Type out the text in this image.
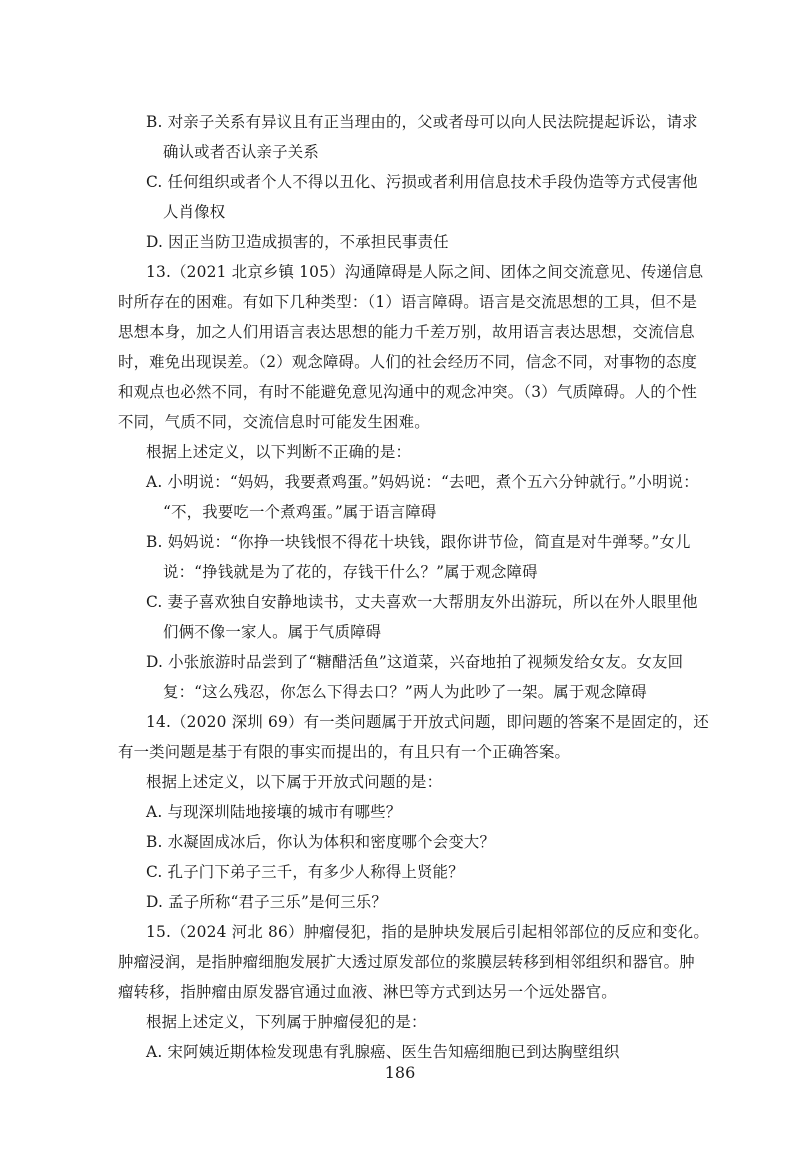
B. 对亲子关系有异议且有正当理由的，父或者母可以向人民法院提起诉讼，请求
确认或者否认亲子关系
C. 任何组织或者个人不得以丑化、污损或者利用信息技术手段伪造等方式侵害他
人肖像权
D. 因正当防卫造成损害的，不承担民事责任
13.（2021 北京乡镇 105）沟通障碍是人际之间、团体之间交流意见、传递信息
时所存在的困难。有如下几种类型：（1）语言障碍。语言是交流思想的工具，但不是
思想本身，加之人们用语言表达思想的能力千差万别，故用语言表达思想，交流信息
时，难免出现误差。（2）观念障碍。人们的社会经历不同，信念不同，对事物的态度
和观点也必然不同，有时不能避免意见沟通中的观念冲突。（3）气质障碍。人的个性
不同，气质不同，交流信息时可能发生困难。
根据上述定义，以下判断不正确的是：
A. 小明说：“妈妈，我要煮鸡蛋。”妈妈说：“去吧，煮个五六分钟就行。”小明说：
“不，我要吃一个煮鸡蛋。”属于语言障碍
B. 妈妈说：“你挣一块钱恨不得花十块钱，跟你讲节俭，简直是对牛弹琴。”女儿
说：“挣钱就是为了花的，存钱干什么？”属于观念障碍
C. 妻子喜欢独自安静地读书，丈夫喜欢一大帮朋友外出游玩，所以在外人眼里他
们俩不像一家人。属于气质障碍
D. 小张旅游时品尝到了“糖醋活鱼”这道菜，兴奋地拍了视频发给女友。女友回
复：“这么残忍，你怎么下得去口？”两人为此吵了一架。属于观念障碍
14.（2020 深圳 69）有一类问题属于开放式问题，即问题的答案不是固定的，还
有一类问题是基于有限的事实而提出的，有且只有一个正确答案。
根据上述定义，以下属于开放式问题的是：
A. 与现深圳陆地接壤的城市有哪些？
B. 水凝固成冰后，你认为体积和密度哪个会变大？
C. 孔子门下弟子三千，有多少人称得上贤能？
D. 孟子所称“君子三乐”是何三乐？
15.（2024 河北 86）肿瘤侵犯，指的是肿块发展后引起相邻部位的反应和变化。
肿瘤浸润，是指肿瘤细胞发展扩大透过原发部位的浆膜层转移到相邻组织和器官。肿
瘤转移，指肿瘤由原发器官通过血液、淋巴等方式到达另一个远处器官。
根据上述定义，下列属于肿瘤侵犯的是：
A. 宋阿姨近期体检发现患有乳腺癌、医生告知癌细胞已到达胸壁组织
186
